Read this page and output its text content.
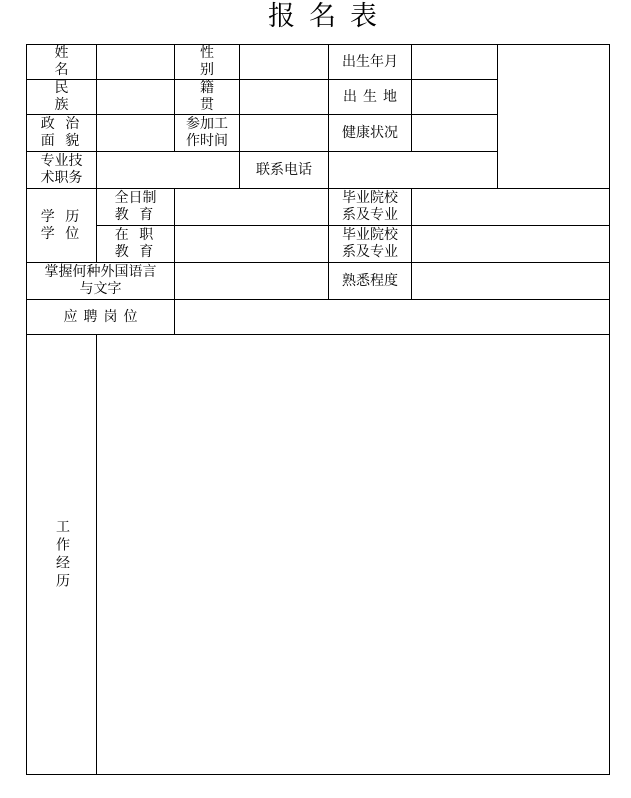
报名表
姓名
性别
出生年月
民族
籍贯
出生地
政 治
面 貌
参加工
作时间
健康状况
专业技
术职务
联系电话
学 历
学 位
全日制
教 育
毕业院校
系及专业
在 职
教 育
毕业院校
系及专业
掌握何种外国语言
与文字
熟悉程度
应聘岗位
工作经历
